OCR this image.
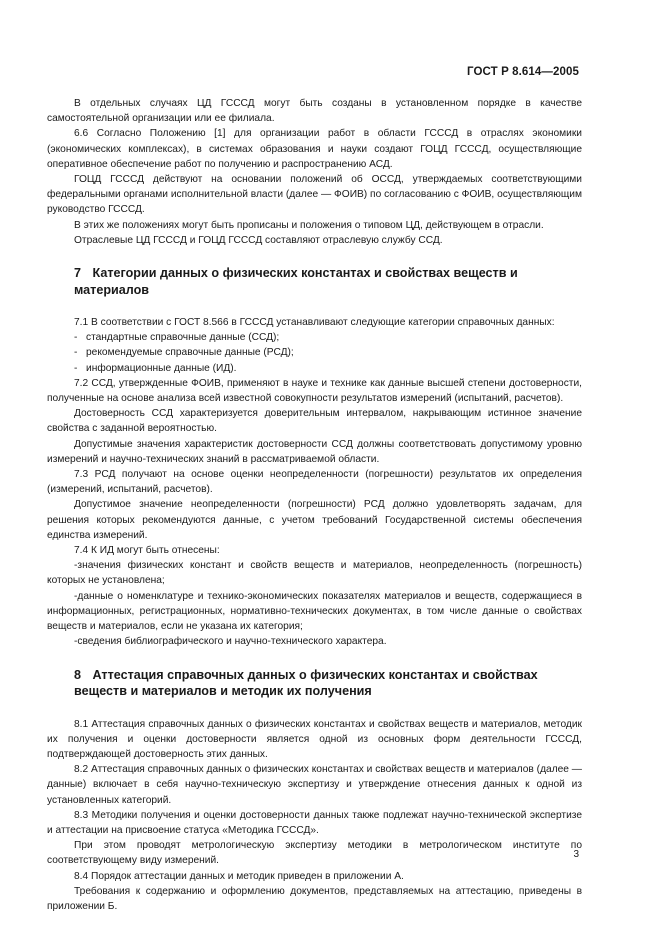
ГОСТ Р 8.614—2005

В отдельных случаях ЦД ГСССД могут быть созданы в установленном порядке в качестве самостоятельной организации или ее филиала.

6.6 Согласно Положению [1] для организации работ в области ГСССД в отраслях экономики (экономических комплексах), в системах образования и науки создают ГОЦД ГСССД, осуществляющие оперативное обеспечение работ по получению и распространению АСД.

ГОЦД ГСССД действуют на основании положений об ОССД, утверждаемых соответствующими федеральными органами исполнительной власти (далее — ФОИВ) по согласованию с ФОИВ, осуществляющим руководство ГСССД.

В этих же положениях могут быть прописаны и положения о типовом ЦД, действующем в отрасли.

Отраслевые ЦД ГСССД и ГОЦД ГСССД составляют отраслевую службу ССД.

7 Категории данных о физических константах и свойствах веществ и материалов

7.1 В соответствии с ГОСТ 8.566 в ГСССД устанавливают следующие категории справочных данных:

- стандартные справочные данные (ССД);

- рекомендуемые справочные данные (РСД);

- информационные данные (ИД).

7.2 ССД, утвержденные ФОИВ, применяют в науке и технике как данные высшей степени достоверности, полученные на основе анализа всей известной совокупности результатов измерений (испытаний, расчетов).

Достоверность ССД характеризуется доверительным интервалом, накрывающим истинное значение свойства с заданной вероятностью.

Допустимые значения характеристик достоверности ССД должны соответствовать допустимому уровню измерений и научно-технических знаний в рассматриваемой области.

7.3 РСД получают на основе оценки неопределенности (погрешности) результатов их определения (измерений, испытаний, расчетов).

Допустимое значение неопределенности (погрешности) РСД должно удовлетворять задачам, для решения которых рекомендуются данные, с учетом требований Государственной системы обеспечения единства измерений.

7.4 К ИД могут быть отнесены:

-значения физических констант и свойств веществ и материалов, неопределенность (погрешность) которых не установлена;

-данные о номенклатуре и технико-экономических показателях материалов и веществ, содержащиеся в информационных, регистрационных, нормативно-технических документах, в том числе данные о свойствах веществ и материалов, если не указана их категория;

-сведения библиографического и научно-технического характера.

8 Аттестация справочных данных о физических константах и свойствах веществ и материалов и методик их получения

8.1 Аттестация справочных данных о физических константах и свойствах веществ и материалов, методик их получения и оценки достоверности является одной из основных форм деятельности ГСССД, подтверждающей достоверность этих данных.

8.2 Аттестация справочных данных о физических константах и свойствах веществ и материалов (далее — данные) включает в себя научно-техническую экспертизу и утверждение отнесения данных к одной из установленных категорий.

8.3 Методики получения и оценки достоверности данных также подлежат научно-технической экспертизе и аттестации на присвоение статуса «Методика ГСССД».

При этом проводят метрологическую экспертизу методики в метрологическом институте по соответствующему виду измерений.

8.4 Порядок аттестации данных и методик приведен в приложении А.

Требования к содержанию и оформлению документов, представляемых на аттестацию, приведены в приложении Б.

3
